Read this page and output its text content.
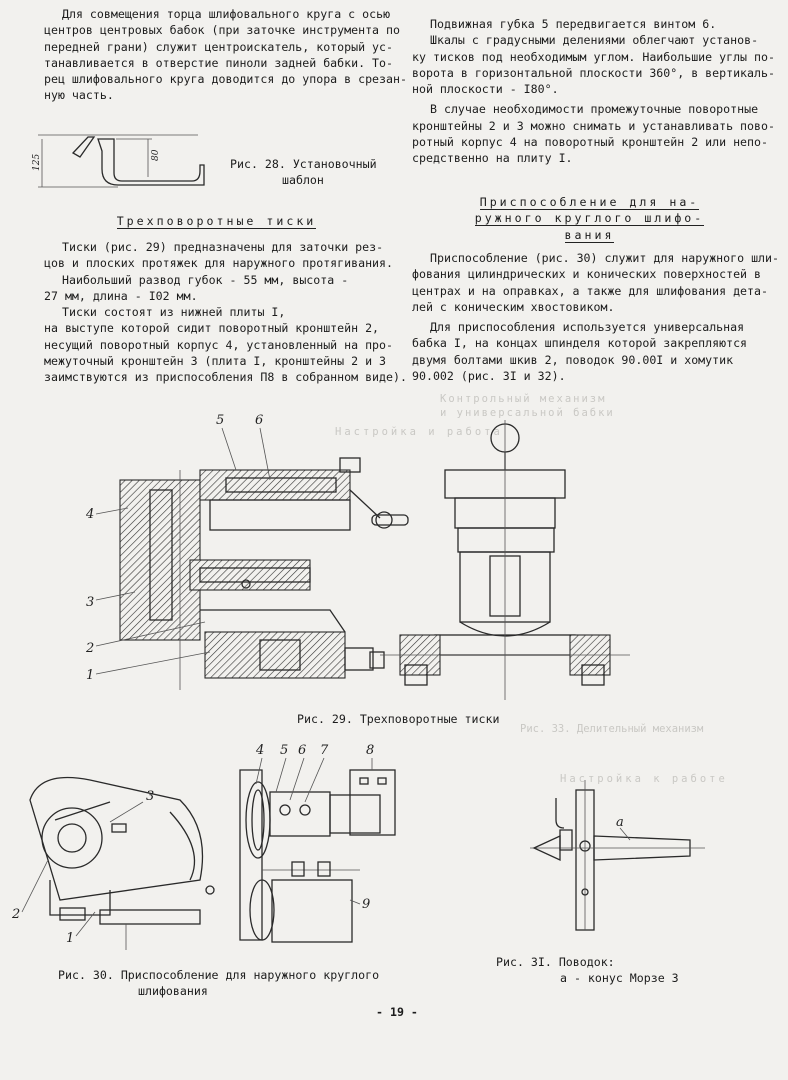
Контрольный механизм
и универсальной бабки
Настройка и работа
Рис. 33. Делительный механизм
Настройка к работе

Для совмещения торца шлифовального круга с осью

центров центровых бабок (при заточке инструмента по

передней грани) служит центроискатель, который ус-

танавливается в отверстие пиноли задней бабки. То-

рец шлифовального круга доводится до упора в срезан-

ную часть.

125	80
Рис. 28. Установочный
шаблон
Трехповоротные тиски

Тиски (рис. 29) предназначены для заточки рез-

цов и плоских протяжек для наружного протягивания.

Наибольший развод губок - 55 мм, высота -

27 мм, длина - I02 мм.

Тиски состоят из нижней плиты I,

на выступе которой сидит поворотный кронштейн 2,

несущий поворотный корпус 4, установленный на про-

межуточный кронштейн 3 (плита I, кронштейны 2 и 3

заимствуются из приспособления П8 в собранном виде).

Подвижная губка 5 передвигается винтом 6.

Шкалы с градусными делениями облегчают установ-

ку тисков под необходимым углом. Наибольшие углы по-

ворота в горизонтальной плоскости 360°, в вертикаль-

ной плоскости - I80°.

В случае необходимости промежуточные поворотные

кронштейны 2 и 3 можно снимать и устанавливать пово-

ротный корпус 4 на поворотный кронштейн 2 или непо-

средственно на плиту I.

Приспособление для на-
ружного круглого шлифо-
вания

Приспособление (рис. 30) служит для наружного шли-

фования цилиндрических и конических поверхностей в

центрах и на оправках, а также для шлифования дета-

лей с коническим хвостовиком.

Для приспособления используется универсальная

бабка I, на концах шпинделя которой закрепляются

двумя болтами шкив 2, поводок 90.00I и хомутик

90.002 (рис. 3I и 32).

5 6
4
3
2
1
Рис. 29. Трехповоротные тиски
3
2
1
4 5 6 7	8
9
Рис. 30. Приспособление для наружного круглого
шлифования
а
Рис. 3I. Поводок:
а - конус Морзе 3
- 19 -
